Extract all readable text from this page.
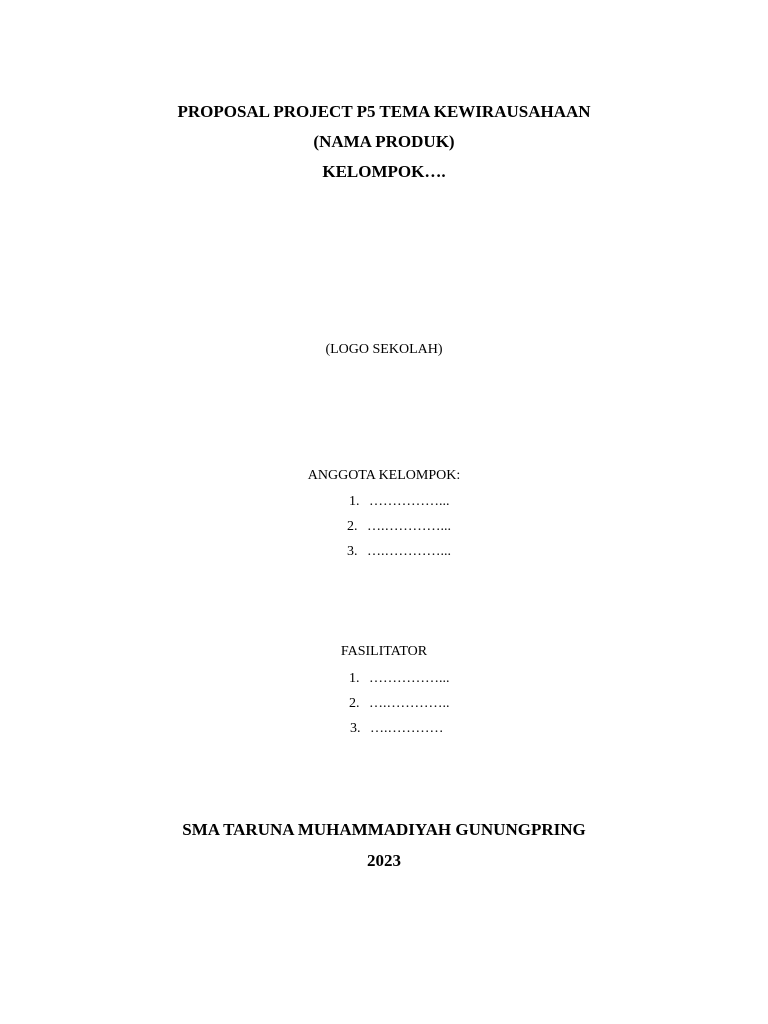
PROPOSAL PROJECT P5 TEMA KEWIRAUSAHAAN
(NAMA PRODUK)
KELOMPOK….
(LOGO SEKOLAH)
ANGGOTA KELOMPOK:
1. ……………...
2. ….…………...
3. ….…………...
FASILITATOR
1. ……………...
2. ….…………..
3. ….…………
SMA TARUNA MUHAMMADIYAH GUNUNGPRING
2023
